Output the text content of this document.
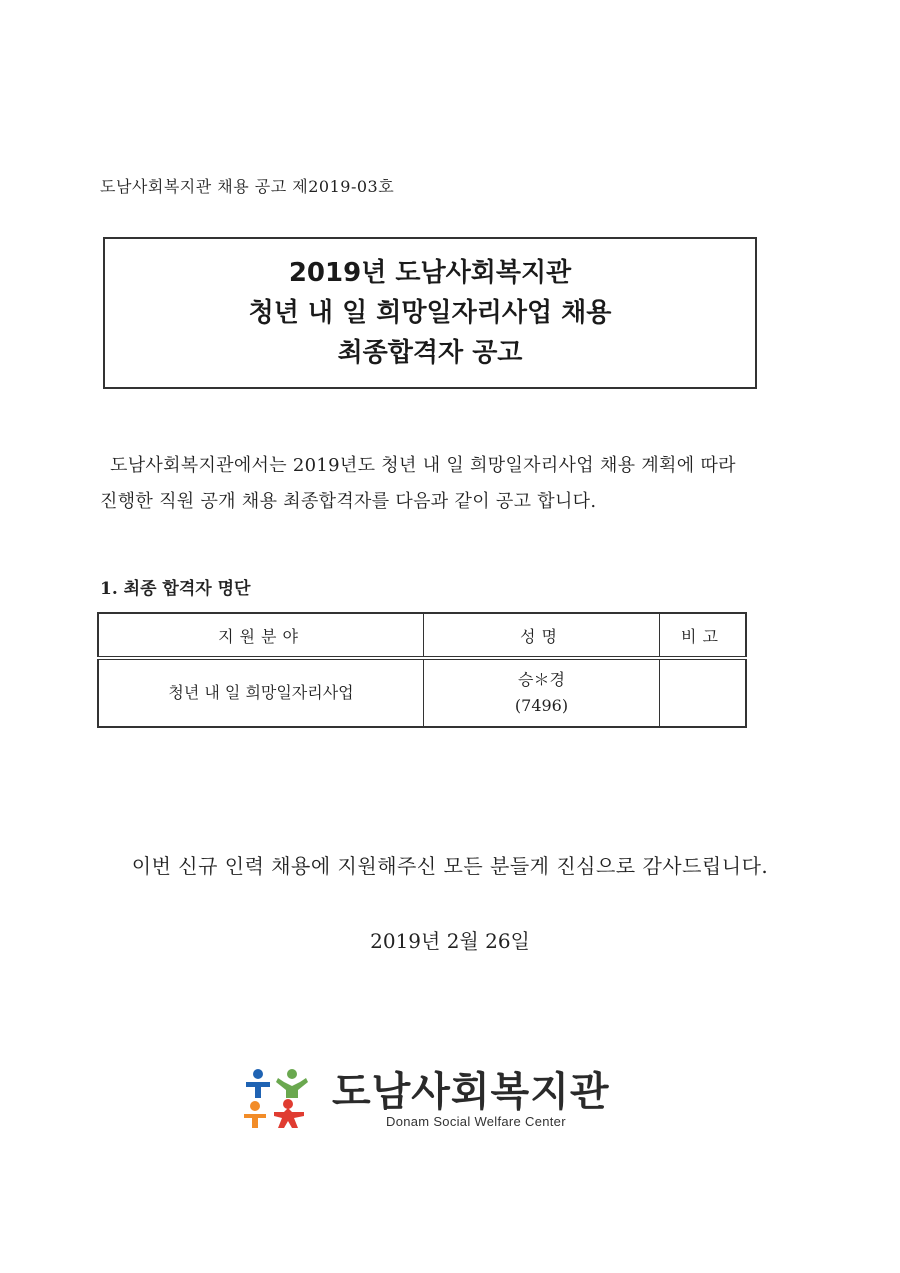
도남사회복지관 채용 공고 제2019-03호
2019년 도남사회복지관
청년 내 일 희망일자리사업 채용
최종합격자 공고

도남사회복지관에서는 2019년도 청년 내 일 희망일자리사업 채용 계획에 따라

진행한 직원 공개 채용 최종합격자를 다음과 같이 공고 합니다.

1. 최종 합격자 명단
지원분야	성명	비고
청년 내 일 희망일자리사업	승＊경
(7496)	

이번 신규 인력 채용에 지원해주신 모든 분들게 진심으로 감사드립니다.
2019년 2월 26일
도남사회복지관
Donam Social Welfare Center
